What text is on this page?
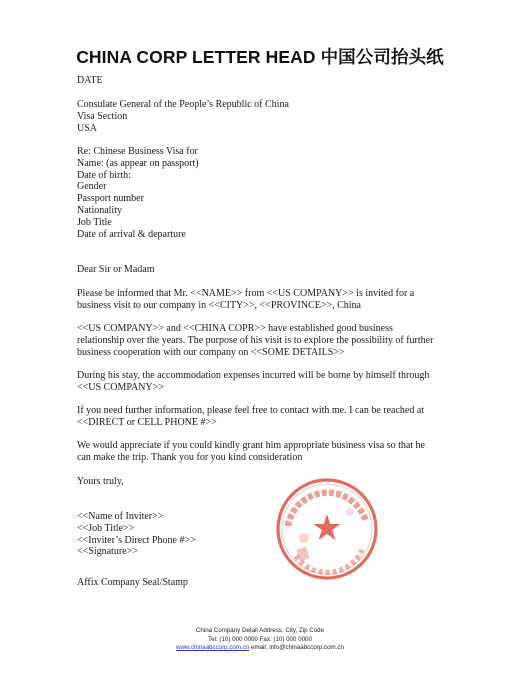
CHINA CORP LETTER HEAD 中国公司抬头纸

DATE

Consulate General of the People’s Republic of China

Visa Section

USA

Re: Chinese Business Visa for

Name: (as appear on passport)

Date of birth:

Gender

Passport number

Nationality

Job Title

Date of arrival & departure

Dear Sir or Madam

Please be informed that Mr. <<NAME>> from <<US COMPANY>> is invited for a

business visit to our company in <<CITY>>, <<PROVINCE>>, China

<<US COMPANY>> and <<CHINA COPR>> have established good business

relationship over the years. The purpose of his visit is to explore the possibility of further

business cooperation with our company on <<SOME DETAILS>>

During his stay, the accommodation expenses incurred will be borne by himself through

<<US COMPANY>>

If you need further information, please feel free to contact with me. I can be reached at

<<DIRECT or CELL PHONE #>>

We would appreciate if you could kindly grant him appropriate business visa so that he

can make the trip. Thank you for you kind consideration

Yours truly,

<<Name of Inviter>>

<<Job Title>>

<<Inviter’s Direct Phone #>>

<<Signature>>

Affix Company Seal/Stamp

China Company Detail Address, City, Zip Code
Tel: (10) 000 0000 Fax: (10) 000 0000
www.chinaabccorp.com.cn email: info@chinaabccorp.com.cn
